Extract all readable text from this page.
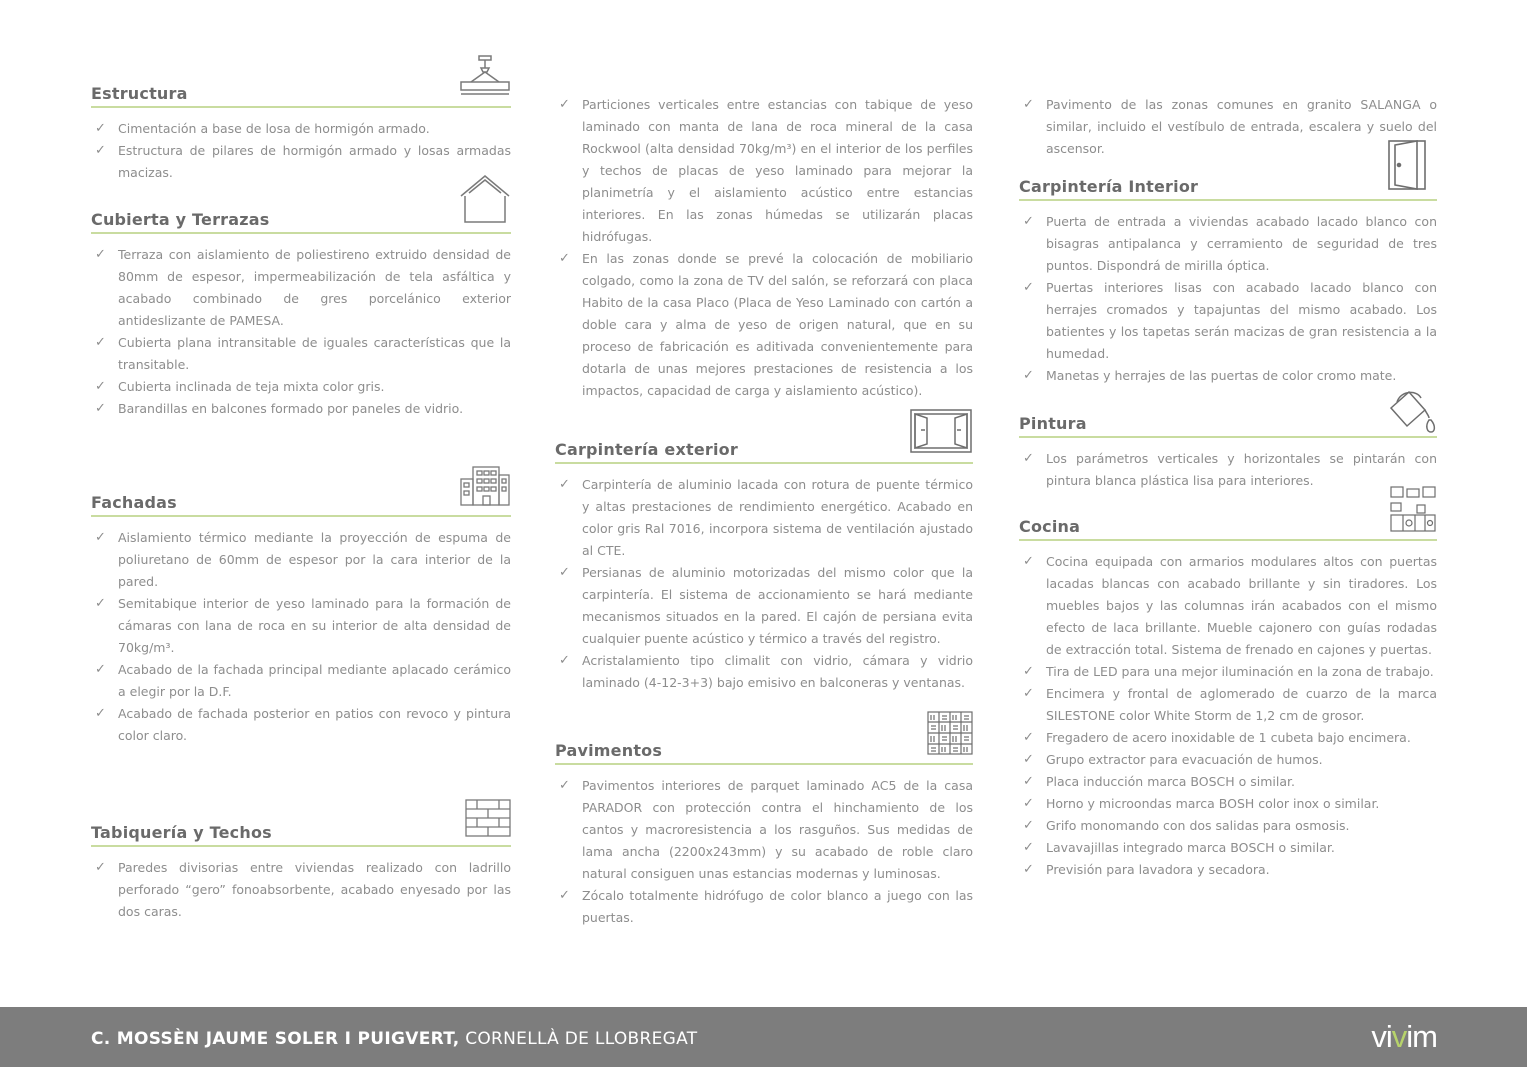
Estructura
✓ Cimentación a base de losa de hormigón armado.
✓ Estructura de pilares de hormigón armado y losas armadas macizas.
Cubierta y Terrazas
✓ Terraza con aislamiento de poliestireno extruido densidad de 80mm de espesor, impermeabilización de tela asfáltica y acabado combinado de gres porcelánico exterior antideslizante de PAMESA.
✓ Cubierta plana intransitable de iguales características que la transitable.
✓ Cubierta inclinada de teja mixta color gris.
✓ Barandillas en balcones formado por paneles de vidrio.
Fachadas
✓ Aislamiento térmico mediante la proyección de espuma de poliuretano de 60mm de espesor por la cara interior de la pared.
✓ Semitabique interior de yeso laminado para la formación de cámaras con lana de roca en su interior de alta densidad de 70kg/m³.
✓ Acabado de la fachada principal mediante aplacado cerámico a elegir por la D.F.
✓ Acabado de fachada posterior en patios con revoco y pintura color claro.
Tabiquería y Techos
✓ Paredes divisorias entre viviendas realizado con ladrillo perforado “gero” fonoabsorbente, acabado enyesado por las dos caras.
✓ Particiones verticales entre estancias con tabique de yeso laminado con manta de lana de roca mineral de la casa Rockwool (alta densidad 70kg/m³) en el interior de los perfiles y techos de placas de yeso laminado para mejorar la planimetría y el aislamiento acústico entre estancias interiores. En las zonas húmedas se utilizarán placas hidrófugas.
✓ En las zonas donde se prevé la colocación de mobiliario colgado, como la zona de TV del salón, se reforzará con placa Habito de la casa Placo (Placa de Yeso Laminado con cartón a doble cara y alma de yeso de origen natural, que en su proceso de fabricación es aditivada convenientemente para dotarla de unas mejores prestaciones de resistencia a los impactos, capacidad de carga y aislamiento acústico).
Carpintería exterior
✓ Carpintería de aluminio lacada con rotura de puente térmico y altas prestaciones de rendimiento energético. Acabado en color gris Ral 7016, incorpora sistema de ventilación ajustado al CTE.
✓ Persianas de aluminio motorizadas del mismo color que la carpintería. El sistema de accionamiento se hará mediante mecanismos situados en la pared. El cajón de persiana evita cualquier puente acústico y térmico a través del registro.
✓ Acristalamiento tipo climalit con vidrio, cámara y vidrio laminado (4-12-3+3) bajo emisivo en balconeras y ventanas.
Pavimentos
✓ Pavimentos interiores de parquet laminado AC5 de la casa PARADOR con protección contra el hinchamiento de los cantos y macroresistencia a los rasguños. Sus medidas de lama ancha (2200x243mm) y su acabado de roble claro natural consiguen unas estancias modernas y luminosas.
✓ Zócalo totalmente hidrófugo de color blanco a juego con las puertas.
✓ Pavimento de las zonas comunes en granito SALANGA o similar, incluido el vestíbulo de entrada, escalera y suelo del ascensor.
Carpintería Interior
✓ Puerta de entrada a viviendas acabado lacado blanco con bisagras antipalanca y cerramiento de seguridad de tres puntos. Dispondrá de mirilla óptica.
✓ Puertas interiores lisas con acabado lacado blanco con herrajes cromados y tapajuntas del mismo acabado. Los batientes y los tapetas serán macizas de gran resistencia a la humedad.
✓ Manetas y herrajes de las puertas de color cromo mate.
Pintura
✓ Los parámetros verticales y horizontales se pintarán con pintura blanca plástica lisa para interiores.
Cocina
✓ Cocina equipada con armarios modulares altos con puertas lacadas blancas con acabado brillante y sin tiradores. Los muebles bajos y las columnas irán acabados con el mismo efecto de laca brillante. Mueble cajonero con guías rodadas de extracción total. Sistema de frenado en cajones y puertas.
✓ Tira de LED para una mejor iluminación en la zona de trabajo.
✓ Encimera y frontal de aglomerado de cuarzo de la marca SILESTONE color White Storm de 1,2 cm de grosor.
✓ Fregadero de acero inoxidable de 1 cubeta bajo encimera.
✓ Grupo extractor para evacuación de humos.
✓ Placa inducción marca BOSCH o similar.
✓ Horno y microondas marca BOSH color inox o similar.
✓ Grifo monomando con dos salidas para osmosis.
✓ Lavavajillas integrado marca BOSCH o similar.
✓ Previsión para lavadora y secadora.
C. MOSSÈN JAUME SOLER I PUIGVERT, CORNELLÀ DE LLOBREGAT	vivim
